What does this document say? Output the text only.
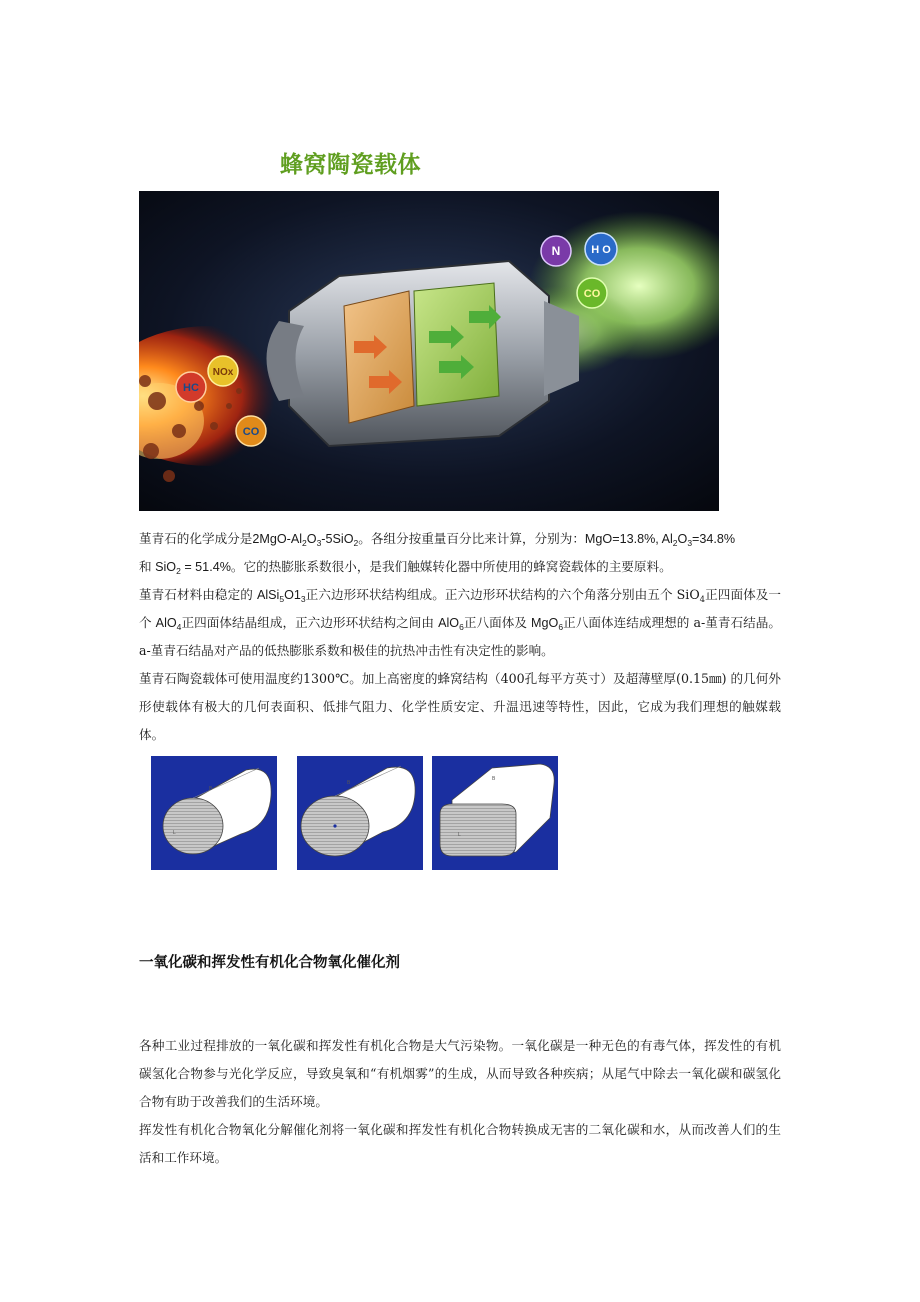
蜂窝陶瓷载体
HC
NOx
CO
N	H O
CO
堇青石的化学成分是$2MgO-Al_2O_3-5SiO_2$。各组分按重量百分比来计算，分别为：MgO=13.8%, $Al_2O_3=34.8\%$
和 SiO$_2$ = 51.4%。它的热膨胀系数很小，是我们触媒转化器中所使用的蜂窝瓷载体的主要原料。
堇青石材料由稳定的 $AlSi_5O1_3$正六边形环状结构组成。正六边形环状结构的六个角落分别由五个 SiO$_4$正四面体及一个 AlO$_4$正四面体结晶组成，正六边形环状结构之间由 AlO$_6$正八面体及 MgO$_6$正八面体连结成理想的 a-堇青石结晶。a-堇青石结晶对产品的低热膨胀系数和极佳的抗热冲击性有决定性的影响。
堇青石陶瓷载体可使用温度约1300℃。加上高密度的蜂窝结构（400孔每平方英寸）及超薄壁厚(0.15㎜) 的几何外形使载体有极大的几何表面积、低排气阻力、化学性质安定、升温迅速等特性，因此，它成为我们理想的触媒载体。
B
L
B
B
L
一氧化碳和挥发性有机化合物氧化催化剂
各种工业过程排放的一氧化碳和挥发性有机化合物是大气污染物。一氧化碳是一种无色的有毒气体，挥发性的有机碳氢化合物参与光化学反应，导致臭氧和“有机烟雾”的生成，从而导致各种疾病；从尾气中除去一氧化碳和碳氢化合物有助于改善我们的生活环境。
挥发性有机化合物氧化分解催化剂将一氧化碳和挥发性有机化合物转换成无害的二氧化碳和水，从而改善人们的生活和工作环境。
